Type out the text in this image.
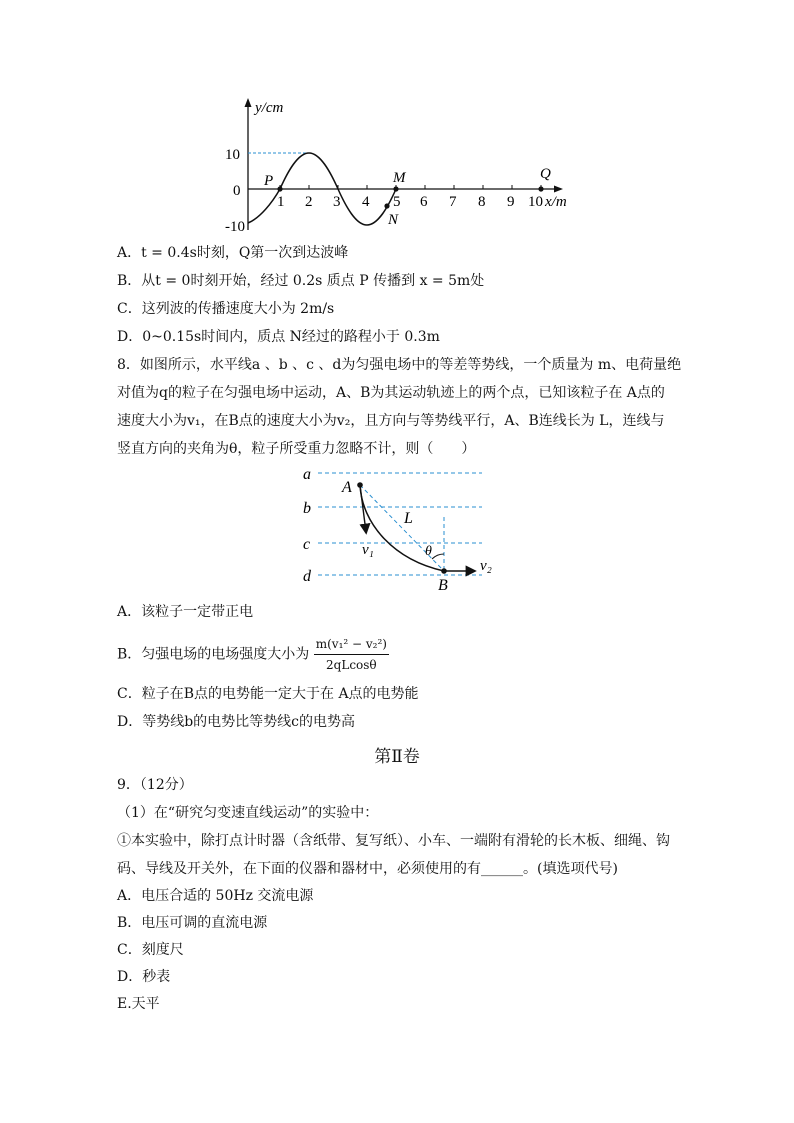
y/cm
10
0
-10
1 2 3 4 5 6 7 8 9 10 x/m
P	M
N
Q
A．t = 0.4s时刻，Q第一次到达波峰
B．从t = 0时刻开始，经过 0.2s 质点 P 传播到 x = 5m处
C．这列波的传播速度大小为 2m/s
D．0~0.15s时间内，质点 N经过的路程小于 0.3m
8．如图所示，水平线a 、b 、c 、d为匀强电场中的等差等势线，一个质量为 m、电荷量绝
对值为q的粒子在匀强电场中运动，A、B为其运动轨迹上的两个点，已知该粒子在 A点的
速度大小为v₁，在B点的速度大小为v₂，且方向与等势线平行，A、B连线长为 L，连线与
竖直方向的夹角为θ，粒子所受重力忽略不计，则（　　）
a
b
c
d
A
B
L
v₁
v₂
θ
A．该粒子一定带正电
B．匀强电场的电场强度大小为 $\frac{\text{m(v₁² − v₂²)}}{2qLcos\theta}$
C．粒子在B点的电势能一定大于在 A点的电势能
D．等势线b的电势比等势线c的电势高
第Ⅱ卷
9．（12分）
（1）在“研究匀变速直线运动”的实验中：
①本实验中，除打点计时器（含纸带、复写纸）、小车、一端附有滑轮的长木板、细绳、钩
码、导线及开关外，在下面的仪器和器材中，必须使用的有______。(填选项代号)
A．电压合适的 50Hz 交流电源
B．电压可调的直流电源
C．刻度尺
D．秒表
E.天平
